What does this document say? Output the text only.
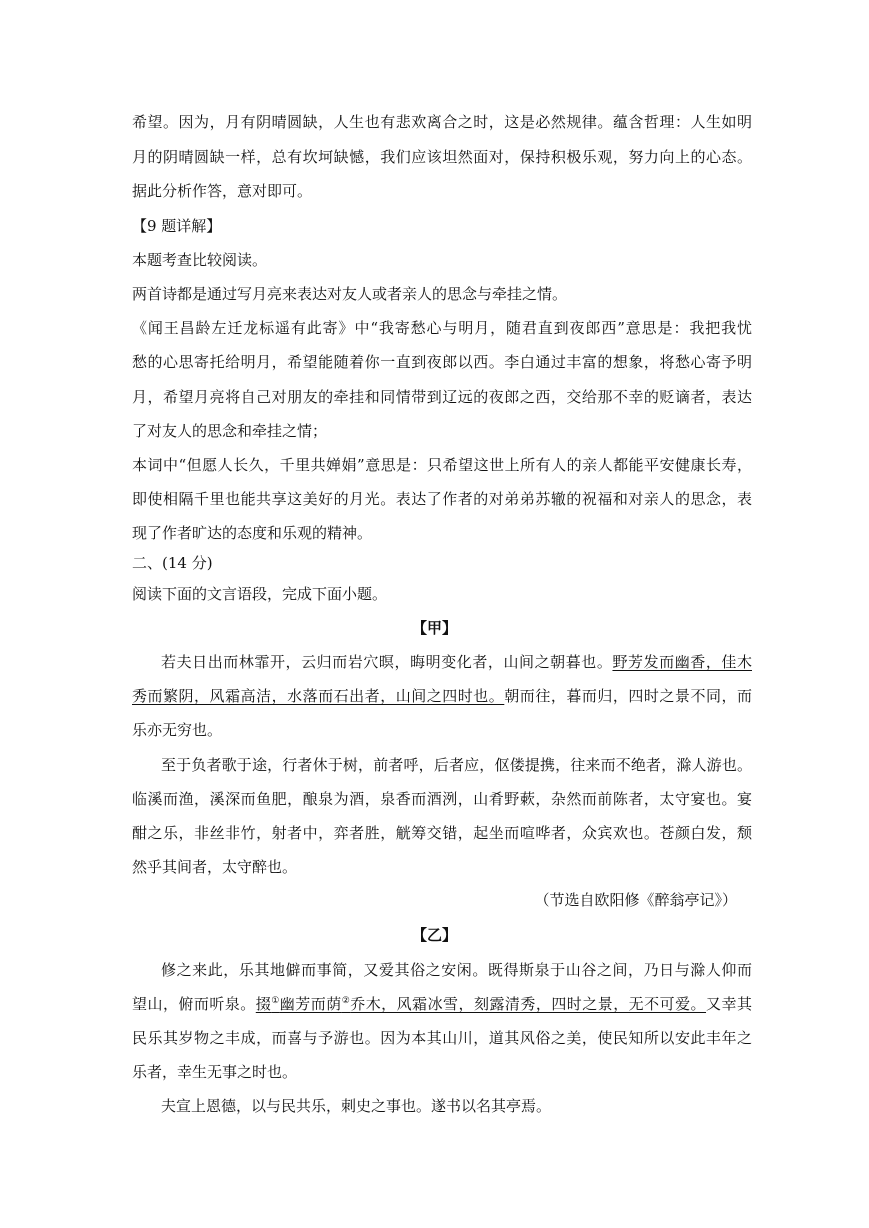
希望。因为，月有阴晴圆缺，人生也有悲欢离合之时，这是必然规律。蕴含哲理：人生如明
月的阴晴圆缺一样，总有坎坷缺憾，我们应该坦然面对，保持积极乐观，努力向上的心态。
据此分析作答，意对即可。
【9 题详解】
本题考查比较阅读。
两首诗都是通过写月亮来表达对友人或者亲人的思念与牵挂之情。
《闻王昌龄左迁龙标遥有此寄》中“我寄愁心与明月，随君直到夜郎西”意思是：我把我忧
愁的心思寄托给明月，希望能随着你一直到夜郎以西。李白通过丰富的想象，将愁心寄予明
月，希望月亮将自己对朋友的牵挂和同情带到辽远的夜郎之西，交给那不幸的贬谪者，表达
了对友人的思念和牵挂之情；
本词中“但愿人长久，千里共婵娟”意思是：只希望这世上所有人的亲人都能平安健康长寿，
即使相隔千里也能共享这美好的月光。表达了作者的对弟弟苏辙的祝福和对亲人的思念，表
现了作者旷达的态度和乐观的精神。
二、(14 分)
阅读下面的文言语段，完成下面小题。
【甲】
若夫日出而林霏开，云归而岩穴暝，晦明变化者，山间之朝暮也。野芳发而幽香，佳木
秀而繁阴，风霜高洁，水落而石出者，山间之四时也。朝而往，暮而归，四时之景不同，而
乐亦无穷也。
至于负者歌于途，行者休于树，前者呼，后者应，伛偻提携，往来而不绝者，滁人游也。
临溪而渔，溪深而鱼肥，酿泉为酒，泉香而酒洌，山肴野蔌，杂然而前陈者，太守宴也。宴
酣之乐，非丝非竹，射者中，弈者胜，觥筹交错，起坐而喧哗者，众宾欢也。苍颜白发，颓
然乎其间者，太守醉也。
（节选自欧阳修《醉翁亭记》）
【乙】
修之来此，乐其地僻而事简，又爱其俗之安闲。既得斯泉于山谷之间，乃日与滁人仰而
望山，俯而听泉。掇①幽芳而荫②乔木，风霜冰雪，刻露清秀，四时之景，无不可爱。又幸其
民乐其岁物之丰成，而喜与予游也。因为本其山川，道其风俗之美，使民知所以安此丰年之
乐者，幸生无事之时也。
夫宣上恩德，以与民共乐，刺史之事也。遂书以名其亭焉。
